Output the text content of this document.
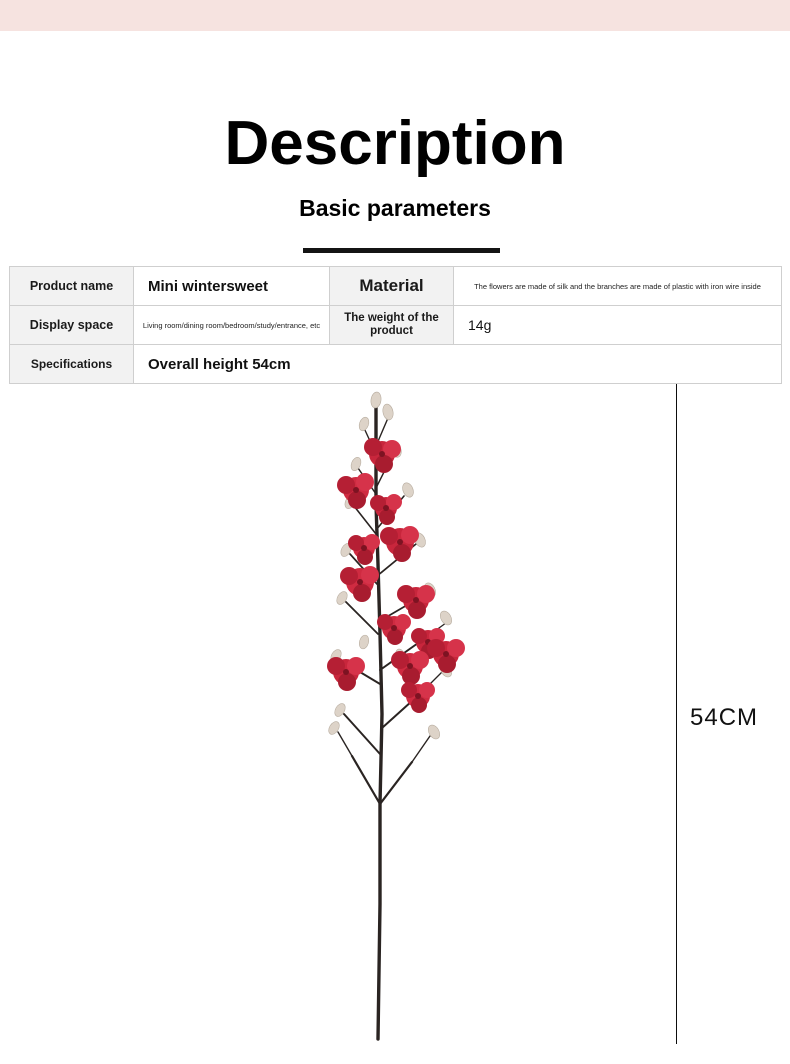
Description
Basic parameters
Product name	Mini wintersweet	Material	The flowers are made of silk and the branches are made of plastic with iron wire inside
Display space	Living room/dining room/bedroom/study/entrance, etc	The weight of the product	14g
Specifications	Overall height 54cm		
54CM
